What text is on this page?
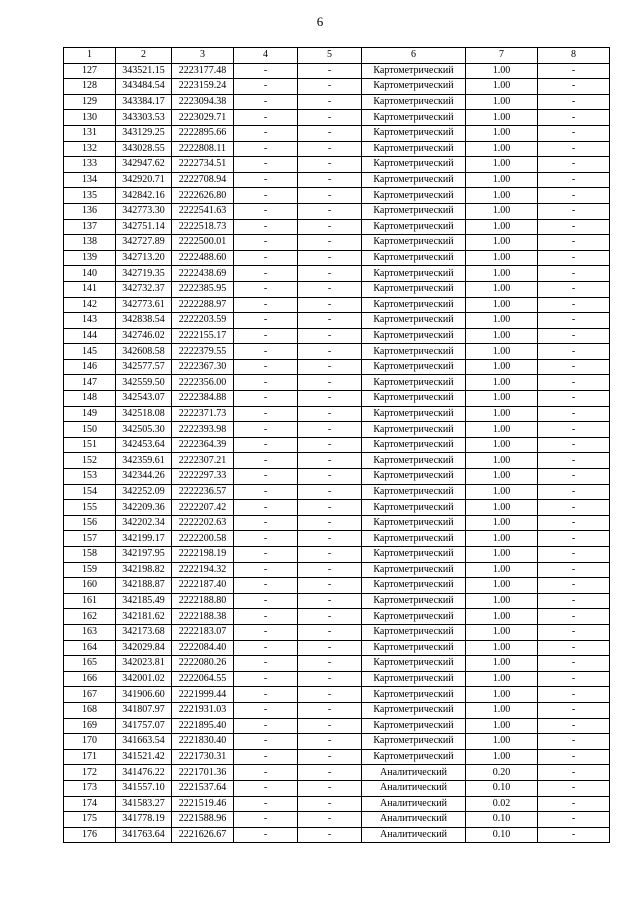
6
1	2	3	4	5	6	7	8
127	343521.15	2223177.48	-	-	Картометрический	1.00	-
128	343484.54	2223159.24	-	-	Картометрический	1.00	-
129	343384.17	2223094.38	-	-	Картометрический	1.00	-
130	343303.53	2223029.71	-	-	Картометрический	1.00	-
131	343129.25	2222895.66	-	-	Картометрический	1.00	-
132	343028.55	2222808.11	-	-	Картометрический	1.00	-
133	342947.62	2222734.51	-	-	Картометрический	1.00	-
134	342920.71	2222708.94	-	-	Картометрический	1.00	-
135	342842.16	2222626.80	-	-	Картометрический	1.00	-
136	342773.30	2222541.63	-	-	Картометрический	1.00	-
137	342751.14	2222518.73	-	-	Картометрический	1.00	-
138	342727.89	2222500.01	-	-	Картометрический	1.00	-
139	342713.20	2222488.60	-	-	Картометрический	1.00	-
140	342719.35	2222438.69	-	-	Картометрический	1.00	-
141	342732.37	2222385.95	-	-	Картометрический	1.00	-
142	342773.61	2222288.97	-	-	Картометрический	1.00	-
143	342838.54	2222203.59	-	-	Картометрический	1.00	-
144	342746.02	2222155.17	-	-	Картометрический	1.00	-
145	342608.58	2222379.55	-	-	Картометрический	1.00	-
146	342577.57	2222367.30	-	-	Картометрический	1.00	-
147	342559.50	2222356.00	-	-	Картометрический	1.00	-
148	342543.07	2222384.88	-	-	Картометрический	1.00	-
149	342518.08	2222371.73	-	-	Картометрический	1.00	-
150	342505.30	2222393.98	-	-	Картометрический	1.00	-
151	342453.64	2222364.39	-	-	Картометрический	1.00	-
152	342359.61	2222307.21	-	-	Картометрический	1.00	-
153	342344.26	2222297.33	-	-	Картометрический	1.00	-
154	342252.09	2222236.57	-	-	Картометрический	1.00	-
155	342209.36	2222207.42	-	-	Картометрический	1.00	-
156	342202.34	2222202.63	-	-	Картометрический	1.00	-
157	342199.17	2222200.58	-	-	Картометрический	1.00	-
158	342197.95	2222198.19	-	-	Картометрический	1.00	-
159	342198.82	2222194.32	-	-	Картометрический	1.00	-
160	342188.87	2222187.40	-	-	Картометрический	1.00	-
161	342185.49	2222188.80	-	-	Картометрический	1.00	-
162	342181.62	2222188.38	-	-	Картометрический	1.00	-
163	342173.68	2222183.07	-	-	Картометрический	1.00	-
164	342029.84	2222084.40	-	-	Картометрический	1.00	-
165	342023.81	2222080.26	-	-	Картометрический	1.00	-
166	342001.02	2222064.55	-	-	Картометрический	1.00	-
167	341906.60	2221999.44	-	-	Картометрический	1.00	-
168	341807.97	2221931.03	-	-	Картометрический	1.00	-
169	341757.07	2221895.40	-	-	Картометрический	1.00	-
170	341663.54	2221830.40	-	-	Картометрический	1.00	-
171	341521.42	2221730.31	-	-	Картометрический	1.00	-
172	341476.22	2221701.36	-	-	Аналитический	0.20	-
173	341557.10	2221537.64	-	-	Аналитический	0.10	-
174	341583.27	2221519.46	-	-	Аналитический	0.02	-
175	341778.19	2221588.96	-	-	Аналитический	0.10	-
176	341763.64	2221626.67	-	-	Аналитический	0.10	-
